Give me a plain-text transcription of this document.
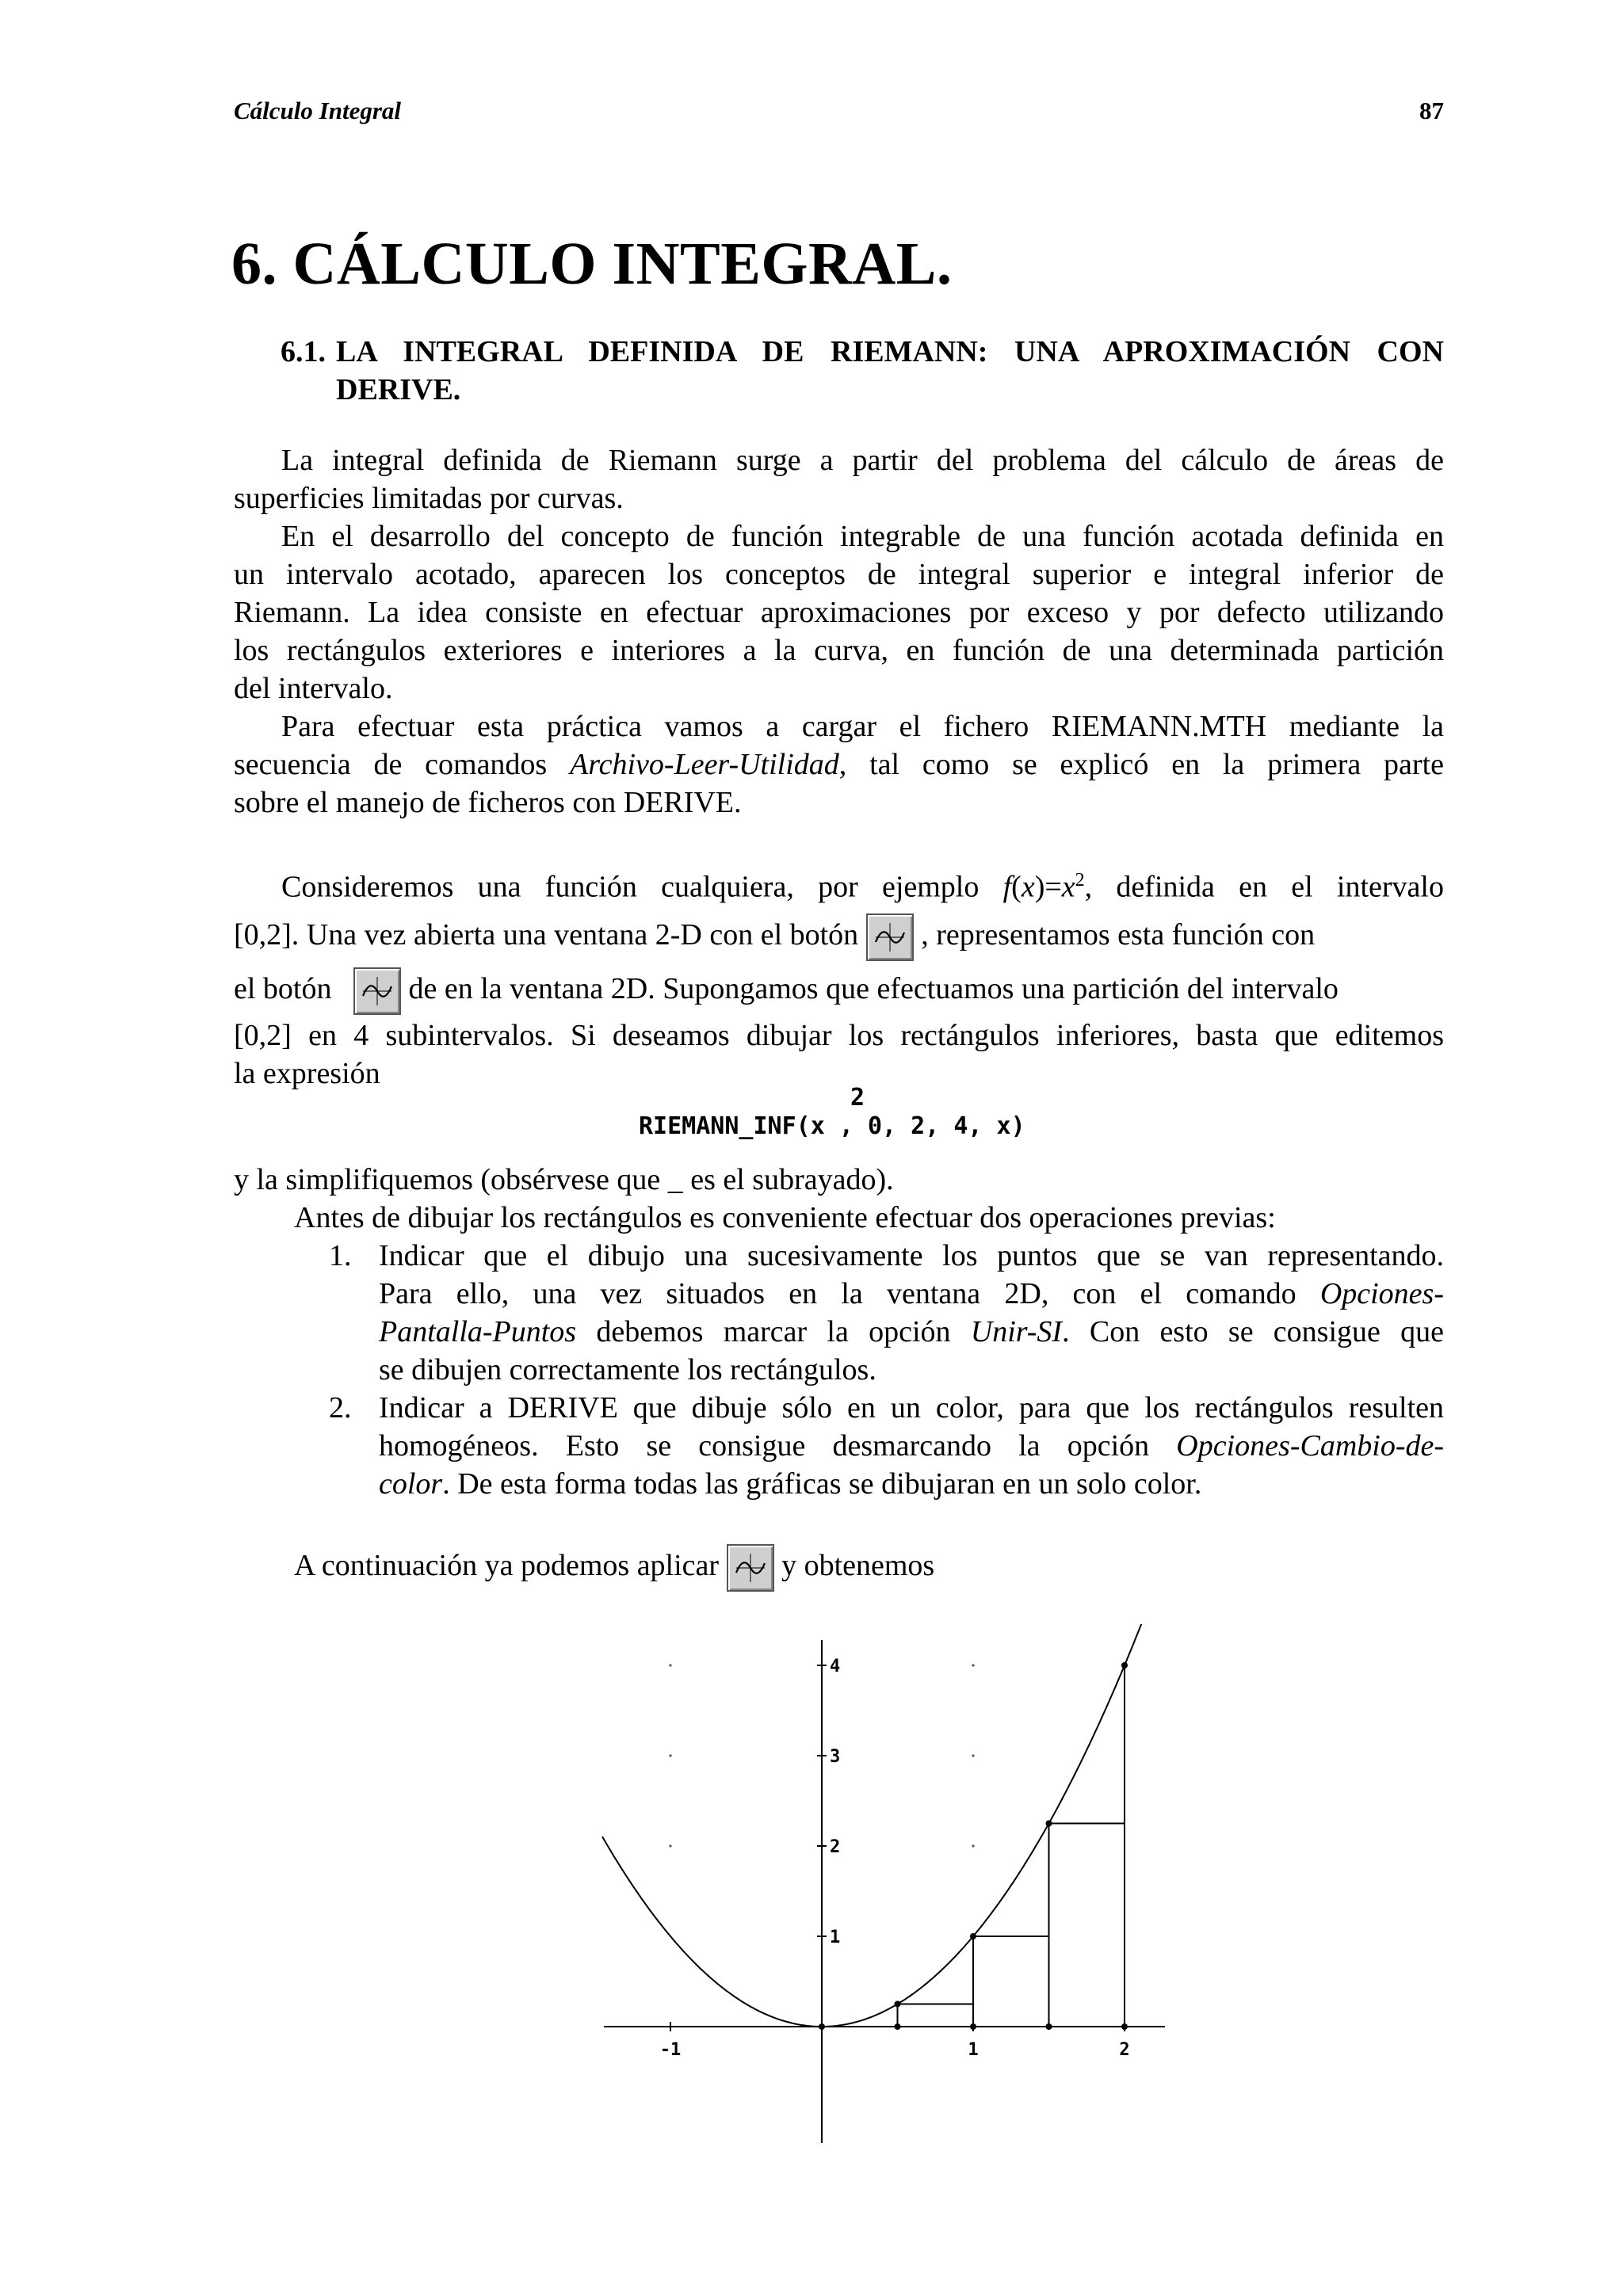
Cálculo Integral	87
6. CÁLCULO INTEGRAL.
6.1. LA INTEGRAL DEFINIDA DE RIEMANN: UNA APROXIMACIÓN CON
DERIVE.
La integral definida de Riemann surge a partir del problema del cálculo de áreas de
superficies limitadas por curvas.
En el desarrollo del concepto de función integrable de una función acotada definida en
un intervalo acotado, aparecen los conceptos de integral superior e integral inferior de
Riemann. La idea consiste en efectuar aproximaciones por exceso y por defecto utilizando
los rectángulos exteriores e interiores a la curva, en función de una determinada partición
del intervalo.
Para efectuar esta práctica vamos a cargar el fichero RIEMANN.MTH mediante la
secuencia de comandos Archivo-Leer-Utilidad, tal como se explicó en la primera parte
sobre el manejo de ficheros con DERIVE.
Consideremos una función cualquiera, por ejemplo $f(x)=x^2$, definida en el intervalo
[0,2]. Una vez abierta una ventana 2-D con el botón , representamos esta función con
el botón	de en la ventana 2D. Supongamos que efectuamos una partición del intervalo
[0,2] en 4 subintervalos. Si deseamos dibujar los rectángulos inferiores, basta que editemos
la expresión
2
RIEMANN_INF(x , 0, 2, 4, x)
y la simplifiquemos (obsérvese que _ es el subrayado).
Antes de dibujar los rectángulos es conveniente efectuar dos operaciones previas:
1. Indicar que el dibujo una sucesivamente los puntos que se van representando.
Para ello, una vez situados en la ventana 2D, con el comando Opciones-
Pantalla-Puntos debemos marcar la opción Unir-SI. Con esto se consigue que
se dibujen correctamente los rectángulos.
2. Indicar a DERIVE que dibuje sólo en un color, para que los rectángulos resulten
homogéneos. Esto se consigue desmarcando la opción Opciones-Cambio-de-
color. De esta forma todas las gráficas se dibujaran en un solo color.
A continuación ya podemos aplicar y obtenemos
-1	1	2
1
2
3
4
